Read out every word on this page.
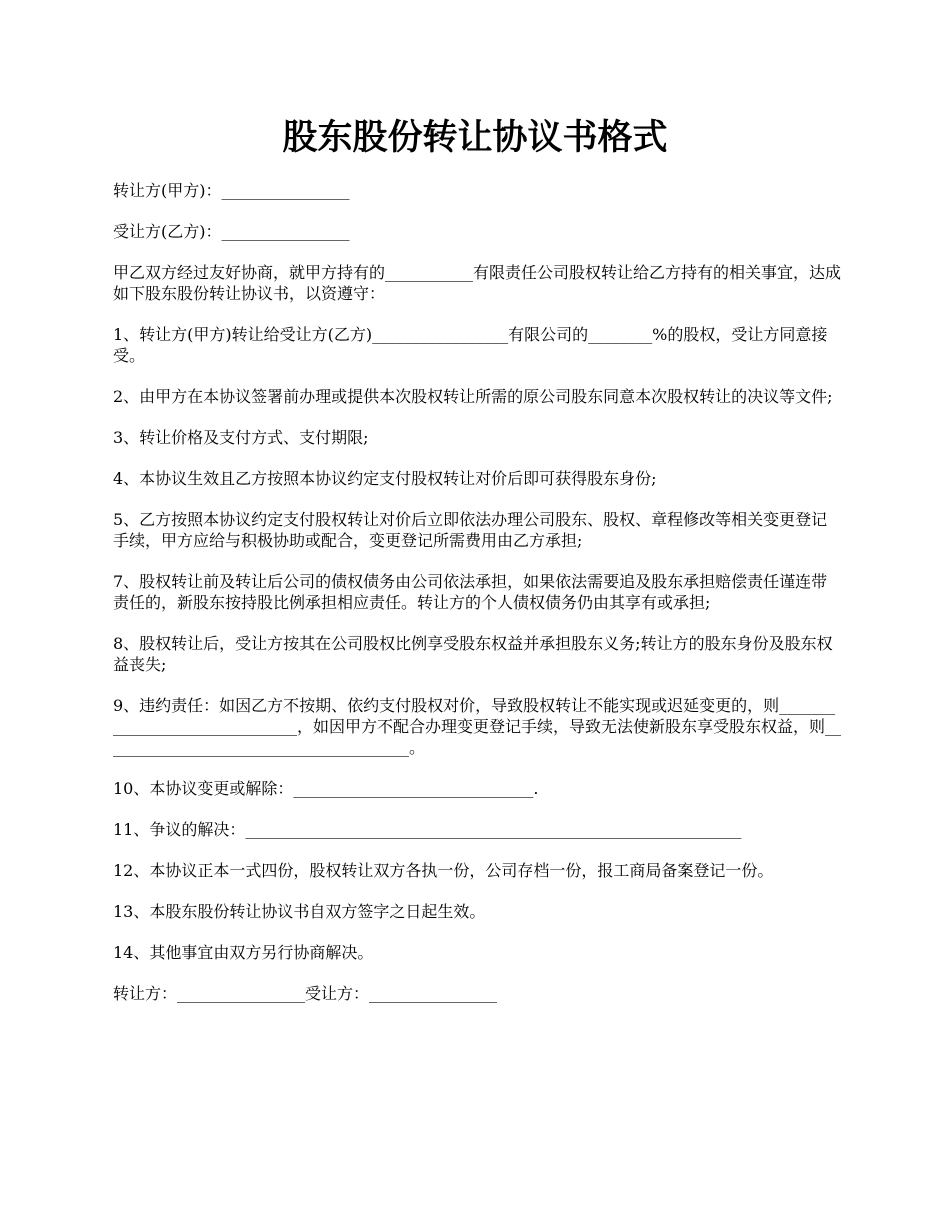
股东股份转让协议书格式

转让方(甲方)：________________

受让方(乙方)：________________

甲乙双方经过友好协商，就甲方持有的___________有限责任公司股权转让给乙方持有的相关事宜，达成如下股东股份转让协议书，以资遵守：

1、转让方(甲方)转让给受让方(乙方)_________________有限公司的________%的股权，受让方同意接受。

2、由甲方在本协议签署前办理或提供本次股权转让所需的原公司股东同意本次股权转让的决议等文件;

3、转让价格及支付方式、支付期限;

4、本协议生效且乙方按照本协议约定支付股权转让对价后即可获得股东身份;

5、乙方按照本协议约定支付股权转让对价后立即依法办理公司股东、股权、章程修改等相关变更登记手续，甲方应给与积极协助或配合，变更登记所需费用由乙方承担;

7、股权转让前及转让后公司的债权债务由公司依法承担，如果依法需要追及股东承担赔偿责任谨连带责任的，新股东按持股比例承担相应责任。转让方的个人债权债务仍由其享有或承担;

8、股权转让后，受让方按其在公司股权比例享受股东权益并承担股东义务;转让方的股东身份及股东权益丧失;

9、违约责任：如因乙方不按期、依约支付股权对价，导致股权转让不能实现或迟延变更的，则______________________________，如因甲方不配合办理变更登记手续，导致无法使新股东享受股东权益，则_______________________________________。

10、本协议变更或解除：______________________________.

11、争议的解决：______________________________________________________________

12、本协议正本一式四份，股权转让双方各执一份，公司存档一份，报工商局备案登记一份。

13、本股东股份转让协议书自双方签字之日起生效。

14、其他事宜由双方另行协商解决。

转让方：________________受让方：________________
